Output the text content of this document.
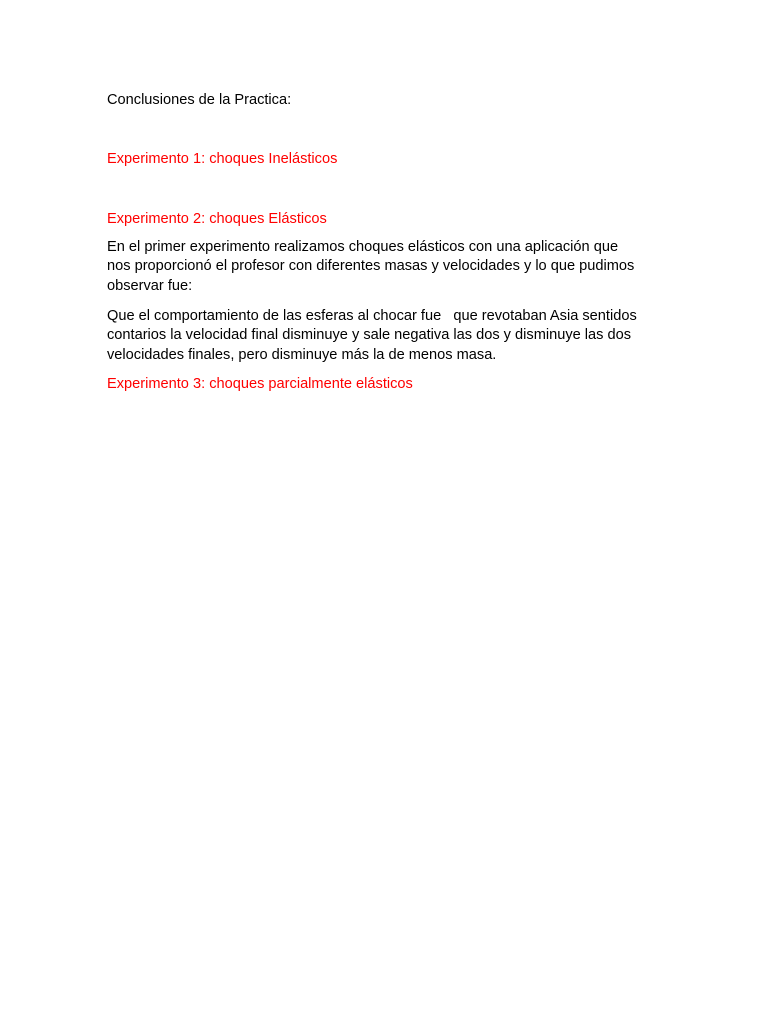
Conclusiones de la Practica:
Experimento 1: choques Inelásticos
Experimento 2: choques Elásticos
En el primer experimento realizamos choques elásticos con una aplicación que
nos proporcionó el profesor con diferentes masas y velocidades y lo que pudimos
observar fue:
Que el comportamiento de las esferas al chocar fue   que revotaban Asia sentidos
contarios la velocidad final disminuye y sale negativa las dos y disminuye las dos
velocidades finales, pero disminuye más la de menos masa.
Experimento 3: choques parcialmente elásticos
